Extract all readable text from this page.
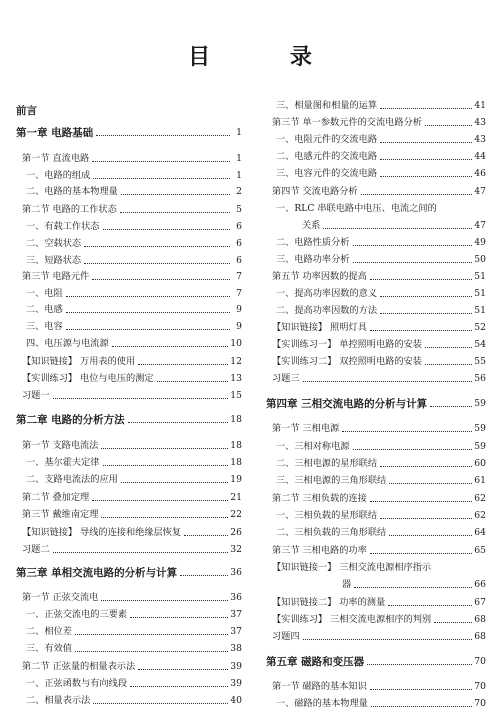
目 录
前言
第一章 电路基础	1
第一节 直流电路	1
一、电路的组成	1
二、电路的基本物理量	2
第二节 电路的工作状态	5
一、有载工作状态	6
二、空载状态	6
三、短路状态	6
第三节 电路元件	7
一、电阻	7
二、电感	9
三、电容	9
四、电压源与电流源	10
【知识链接】 万用表的使用	12
【实训练习】 电位与电压的测定	13
习题一	15
第二章 电路的分析方法	18
第一节 支路电流法	18
一、基尔霍夫定律	18
二、支路电流法的应用	19
第二节 叠加定理	21
第三节 戴维南定理	22
【知识链接】 导线的连接和绝缘层恢复	26
习题二	32
第三章 单相交流电路的分析与计算	36
第一节 正弦交流电	36
一、正弦交流电的三要素	37
二、相位差	37
三、有效值	38
第二节 正弦量的相量表示法	39
一、正弦函数与有向线段	39
二、相量表示法	40
三、相量图和相量的运算	41
第三节 单一参数元件的交流电路分析	43
一、电阻元件的交流电路	43
二、电感元件的交流电路	44
三、电容元件的交流电路	46
第四节 交流电路分析	47
一、RLC 串联电路中电压、电流之间的
关系	47
二、电路性质分析	49
三、电路功率分析	50
第五节 功率因数的提高	51
一、提高功率因数的意义	51
二、提高功率因数的方法	51
【知识链接】 照明灯具	52
【实训练习一】 单控照明电路的安装	54
【实训练习二】 双控照明电路的安装	55
习题三	56
第四章 三相交流电路的分析与计算	59
第一节 三相电源	59
一、三相对称电源	59
二、三相电源的星形联结	60
三、三相电源的三角形联结	61
第二节 三相负载的连接	62
一、三相负载的星形联结	62
二、三相负载的三角形联结	64
第三节 三相电路的功率	65
【知识链接一】 三相交流电源相序指示
器	66
【知识链接二】 功率的测量	67
【实训练习】 三相交流电源相序的判别	68
习题四	68
第五章 磁路和变压器	70
第一节 磁路的基本知识	70
一、磁路的基本物理量	70
